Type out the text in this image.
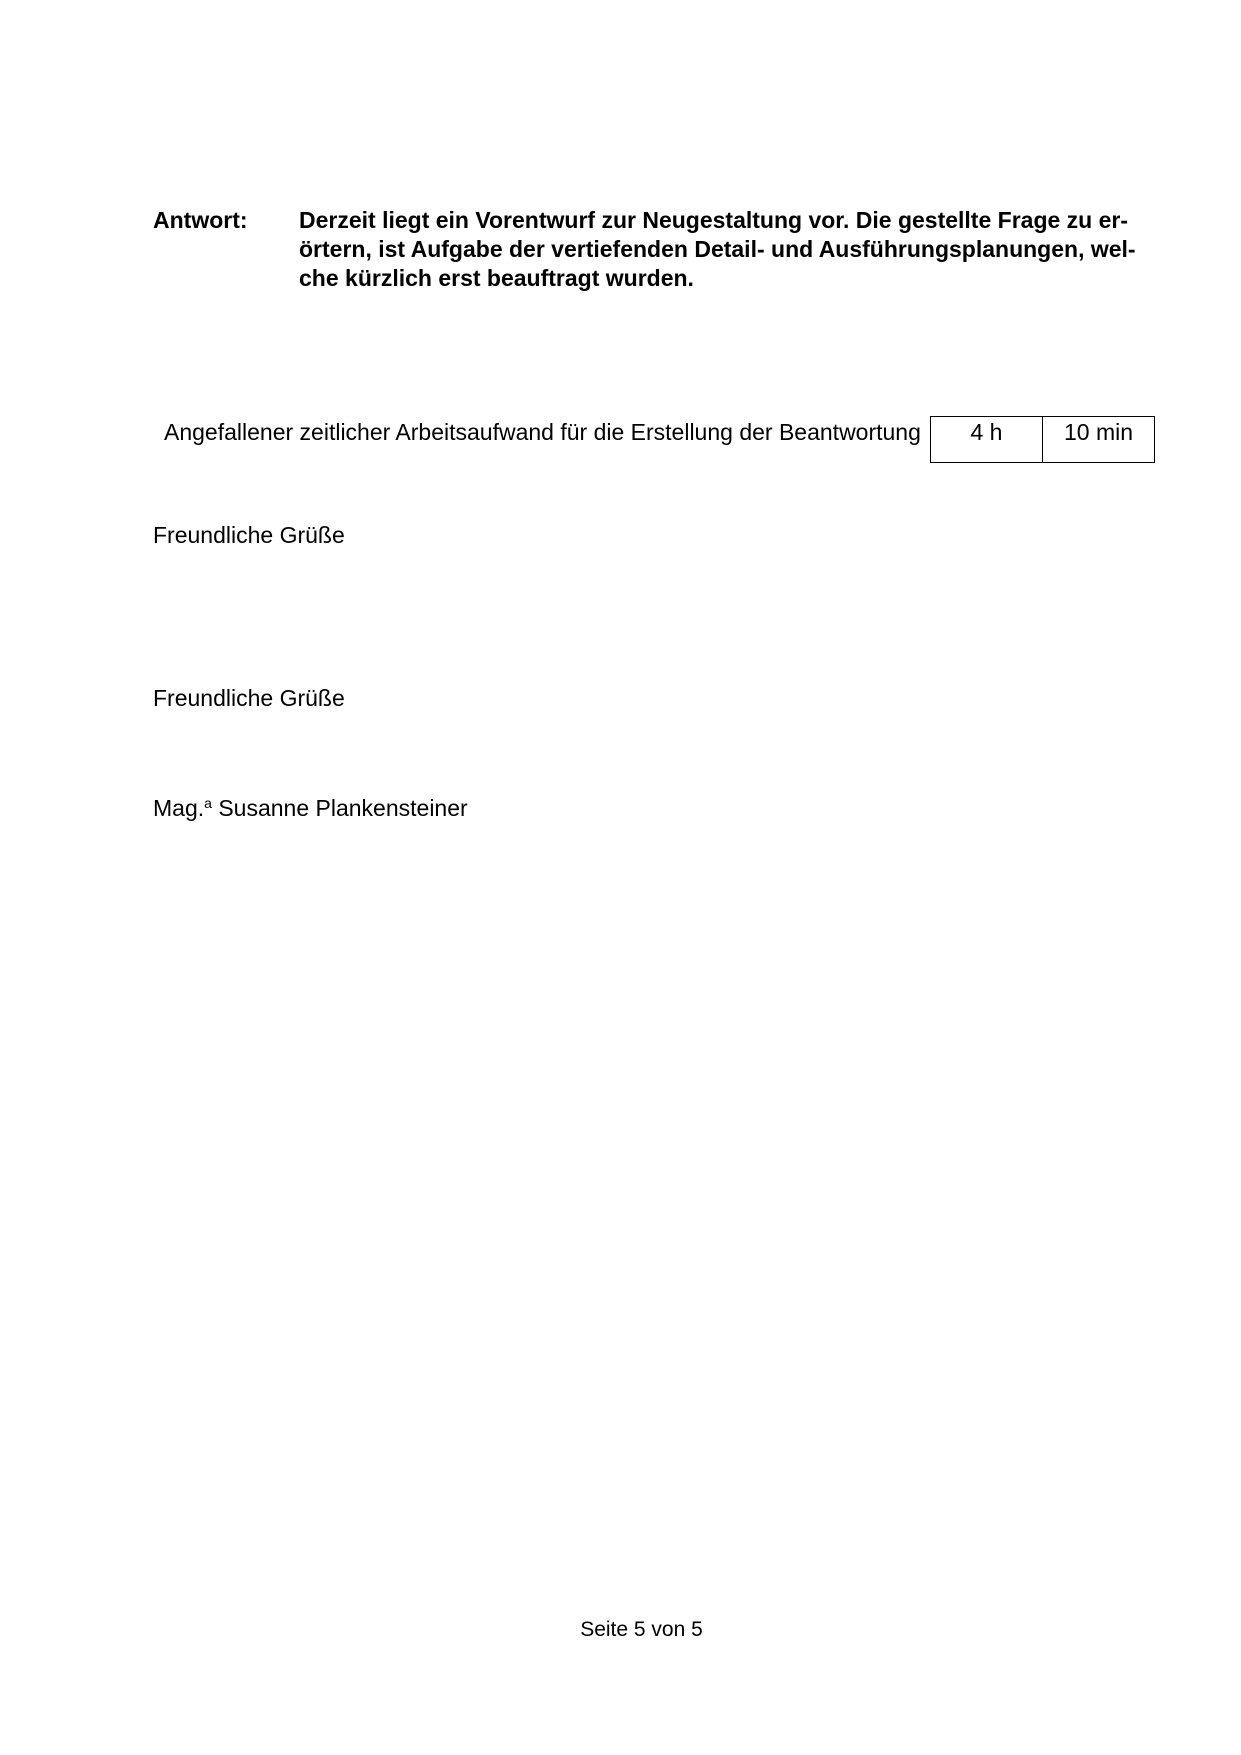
Antwort: Derzeit liegt ein Vorentwurf zur Neugestaltung vor. Die gestellte Frage zu er-
örtern, ist Aufgabe der vertiefenden Detail- und Ausführungsplanungen, wel-
che kürzlich erst beauftragt wurden.
Angefallener zeitlicher Arbeitsaufwand für die Erstellung der Beantwortung 4 h	10 min
Freundliche Grüße
Freundliche Grüße
Mag.$^a$ Susanne Plankensteiner
Seite 5 von 5
